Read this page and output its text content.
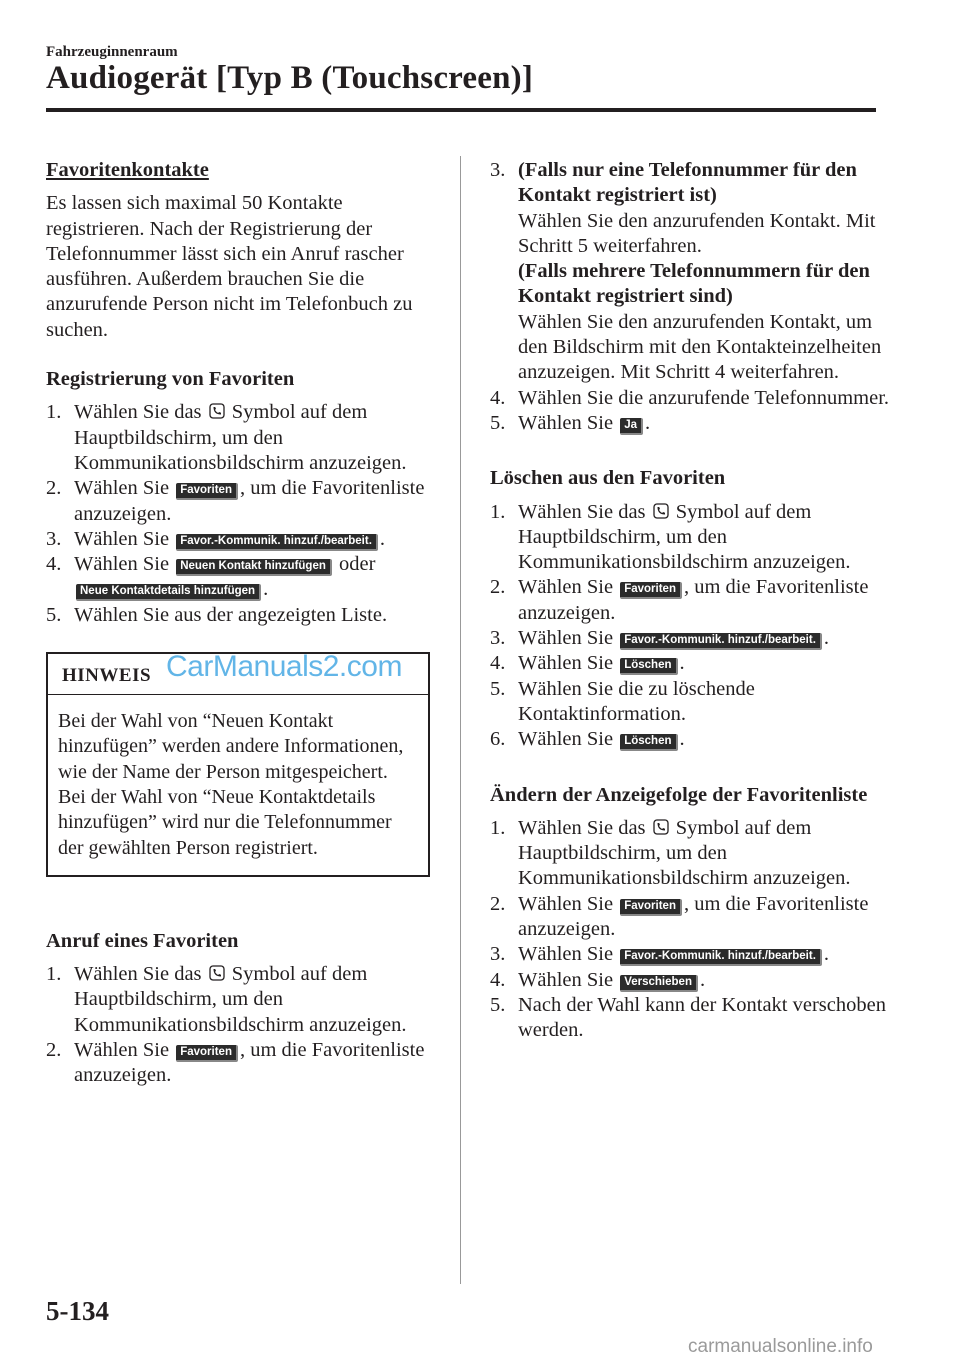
Fahrzeuginnenraum
Audiogerät [Typ B (Touchscreen)]

Favoritenkontakte

Es lassen sich maximal 50 Kontakte registrieren. Nach der Registrierung der Telefonnummer lässt sich ein Anruf rascher ausführen. Außerdem brauchen Sie die anzurufende Person nicht im Telefonbuch zu suchen.

Registrierung von Favoriten

1. Wählen Sie das Symbol auf dem Hauptbildschirm, um den Kommunikationsbildschirm anzuzeigen.
2. Wählen Sie Favoriten , um die Favoritenliste anzuzeigen.
3. Wählen Sie Favor.-Kommunik. hinzuf./bearbeit. .
4. Wählen Sie Neuen Kontakt hinzufügen oder
Neue Kontaktdetails hinzufügen .
5. Wählen Sie aus der angezeigten Liste.
HINWEIS CarManuals2.com
Bei der Wahl von “Neuen Kontakt hinzufügen” werden andere Informationen, wie der Name der Person mitgespeichert. Bei der Wahl von “Neue Kontaktdetails hinzufügen” wird nur die Telefonnummer der gewählten Person registriert.

Anruf eines Favoriten

1. Wählen Sie das Symbol auf dem Hauptbildschirm, um den Kommunikationsbildschirm anzuzeigen.
2. Wählen Sie Favoriten , um die Favoritenliste anzuzeigen.
3. (Falls nur eine Telefonnummer für den Kontakt registriert ist)
Wählen Sie den anzurufenden Kontakt. Mit Schritt 5 weiterfahren.
(Falls mehrere Telefonnummern für den Kontakt registriert sind)
Wählen Sie den anzurufenden Kontakt, um den Bildschirm mit den Kontakteinzelheiten anzuzeigen. Mit Schritt 4 weiterfahren.
4. Wählen Sie die anzurufende Telefonnummer.
5. Wählen Sie Ja .

Löschen aus den Favoriten

1. Wählen Sie das Symbol auf dem Hauptbildschirm, um den Kommunikationsbildschirm anzuzeigen.
2. Wählen Sie Favoriten , um die Favoritenliste anzuzeigen.
3. Wählen Sie Favor.-Kommunik. hinzuf./bearbeit. .
4. Wählen Sie Löschen .
5. Wählen Sie die zu löschende Kontaktinformation.
6. Wählen Sie Löschen .

Ändern der Anzeigefolge der Favoritenliste

1. Wählen Sie das Symbol auf dem Hauptbildschirm, um den Kommunikationsbildschirm anzuzeigen.
2. Wählen Sie Favoriten , um die Favoritenliste anzuzeigen.
3. Wählen Sie Favor.-Kommunik. hinzuf./bearbeit. .
4. Wählen Sie Verschieben .
5. Nach der Wahl kann der Kontakt verschoben werden.
5-134
carmanualsonline.info
